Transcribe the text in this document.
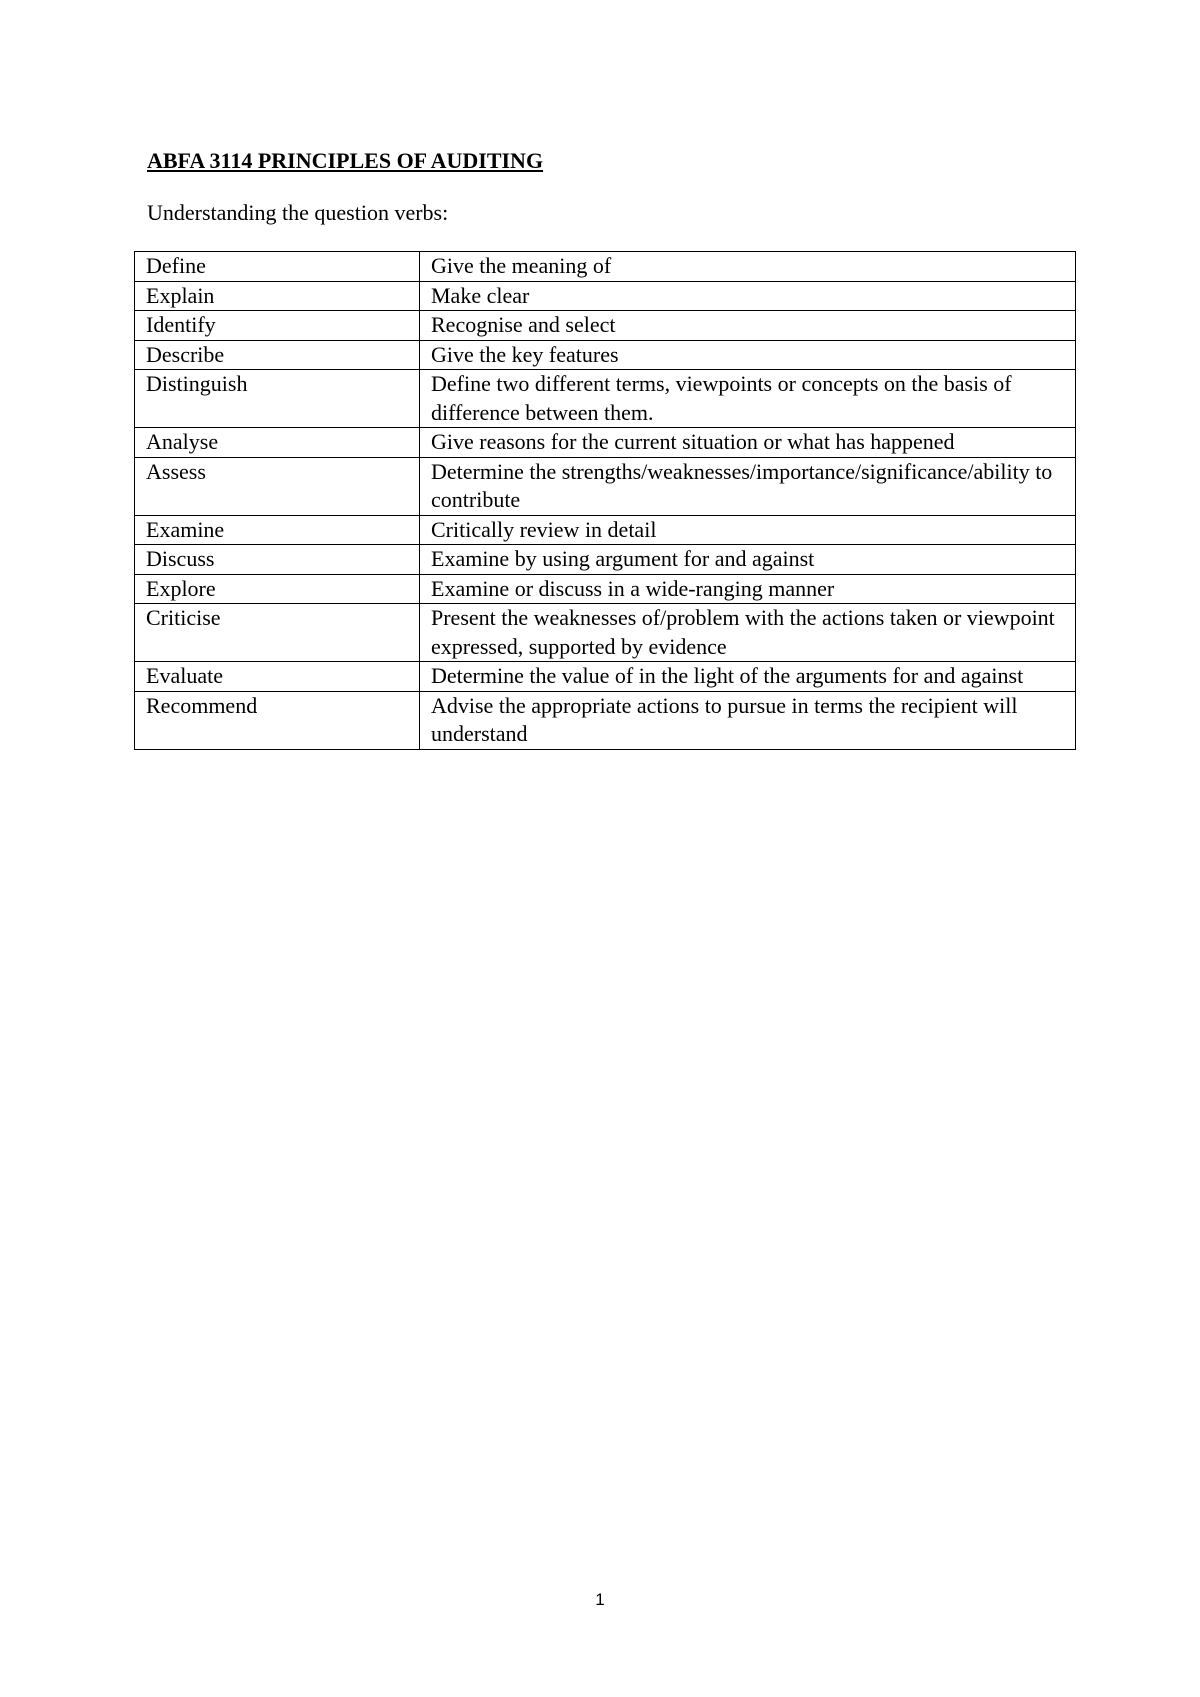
ABFA 3114 PRINCIPLES OF AUDITING

Understanding the question verbs:

Define	Give the meaning of
Explain	Make clear
Identify	Recognise and select
Describe	Give the key features
Distinguish	Define two different terms, viewpoints or concepts on the basis of difference between them.
Analyse	Give reasons for the current situation or what has happened
Assess	Determine the strengths/weaknesses/importance/significance/ability to contribute
Examine	Critically review in detail
Discuss	Examine by using argument for and against
Explore	Examine or discuss in a wide-ranging manner
Criticise	Present the weaknesses of/problem with the actions taken or viewpoint expressed, supported by evidence
Evaluate	Determine the value of in the light of the arguments for and against
Recommend	Advise the appropriate actions to pursue in terms the recipient will understand

1
